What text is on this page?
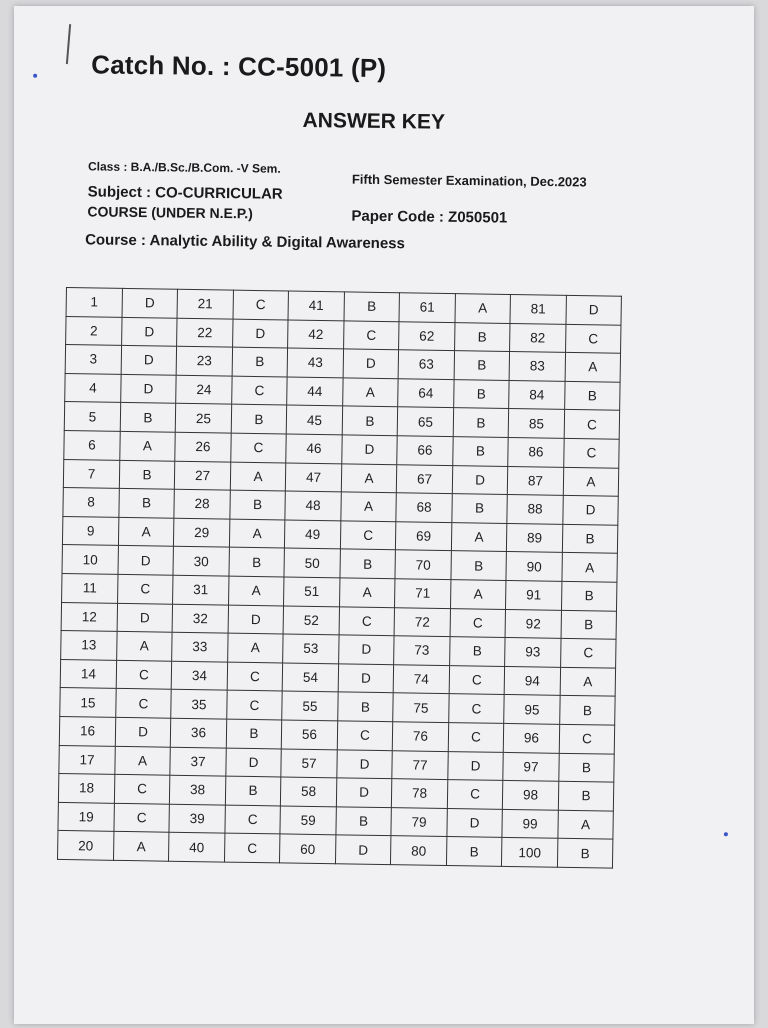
Catch No. : CC-5001 (P)
ANSWER KEY
Class : B.A./B.Sc./B.Com. -V Sem.
Fifth Semester Examination, Dec.2023
Subject : CO-CURRICULAR
COURSE (UNDER N.E.P.)	Paper Code : Z050501
Course : Analytic Ability & Digital Awareness
1	D	21	C	41	B	61	A	81	D
2	D	22	D	42	C	62	B	82	C
3	D	23	B	43	D	63	B	83	A
4	D	24	C	44	A	64	B	84	B
5	B	25	B	45	B	65	B	85	C
6	A	26	C	46	D	66	B	86	C
7	B	27	A	47	A	67	D	87	A
8	B	28	B	48	A	68	B	88	D
9	A	29	A	49	C	69	A	89	B
10	D	30	B	50	B	70	B	90	A
11	C	31	A	51	A	71	A	91	B
12	D	32	D	52	C	72	C	92	B
13	A	33	A	53	D	73	B	93	C
14	C	34	C	54	D	74	C	94	A
15	C	35	C	55	B	75	C	95	B
16	D	36	B	56	C	76	C	96	C
17	A	37	D	57	D	77	D	97	B
18	C	38	B	58	D	78	C	98	B
19	C	39	C	59	B	79	D	99	A
20	A	40	C	60	D	80	B	100	B
